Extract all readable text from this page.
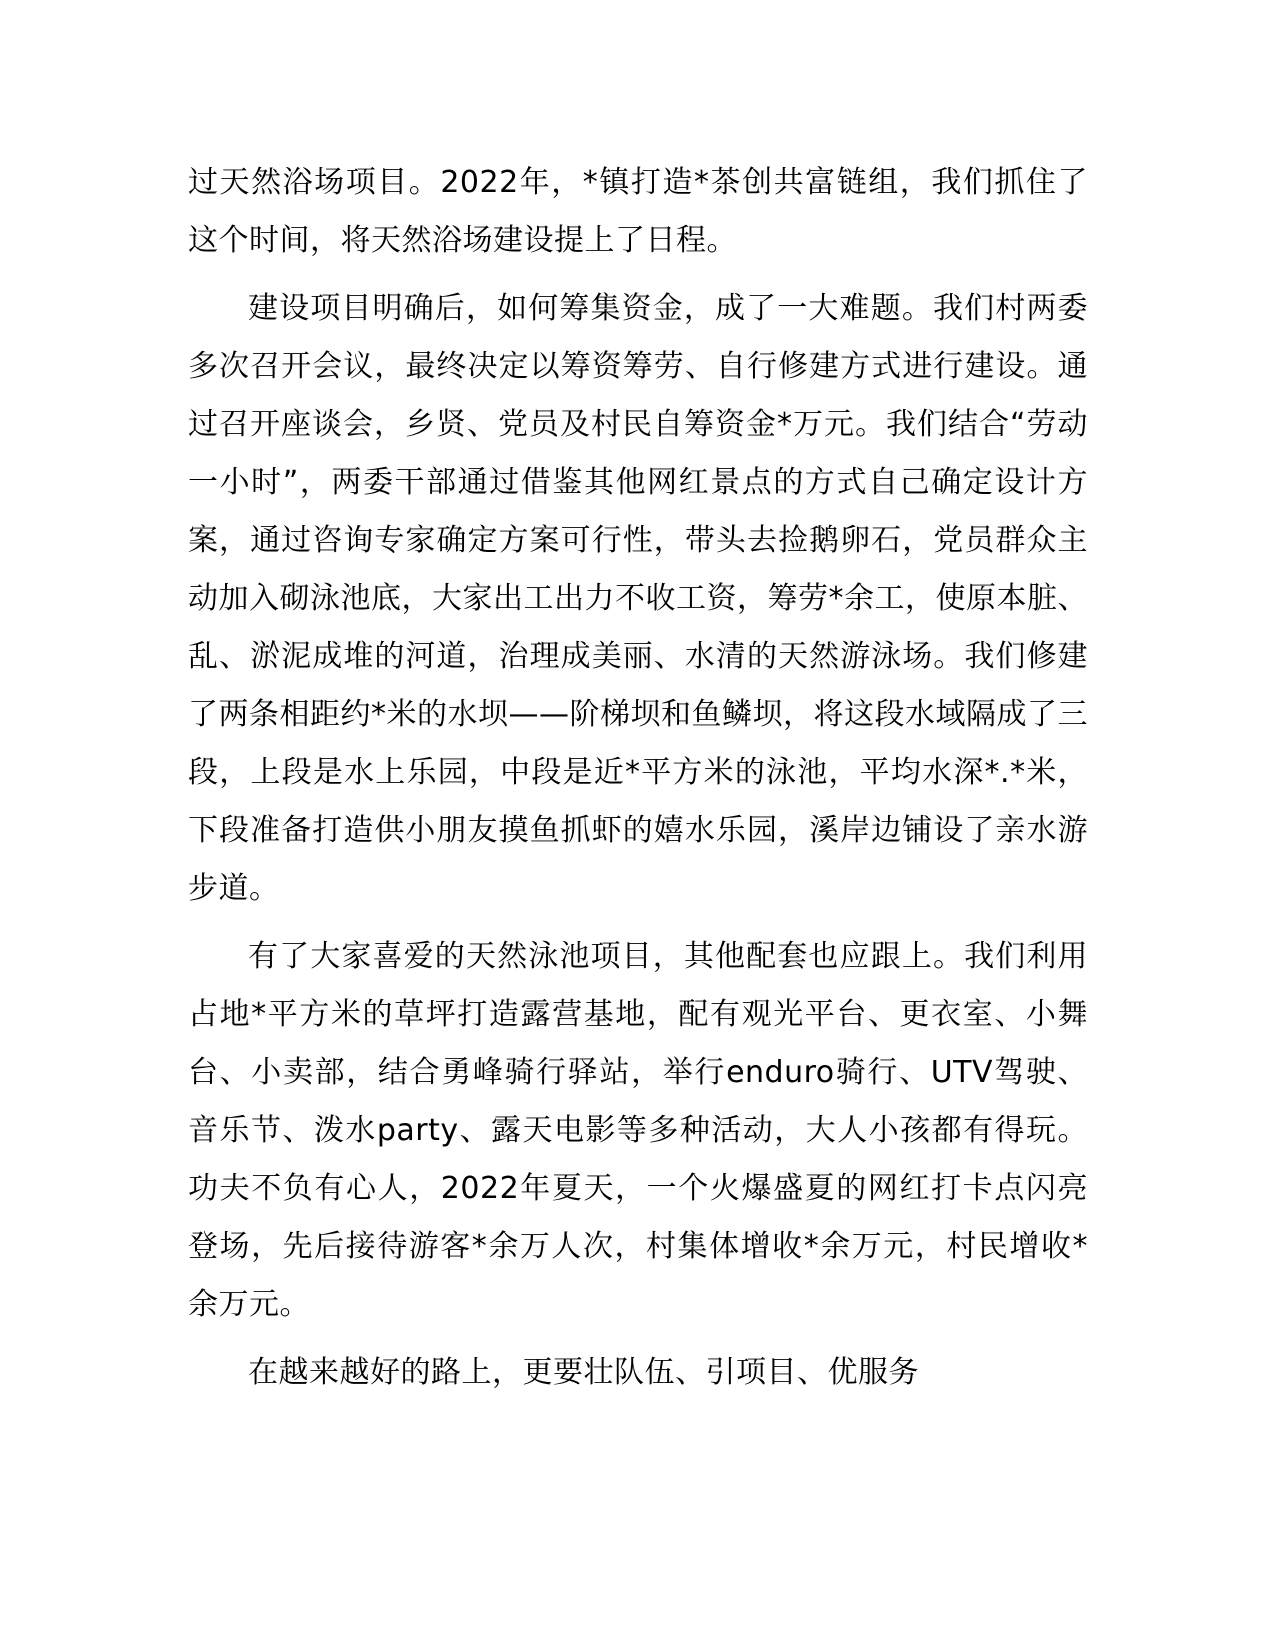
过天然浴场项目。2022年，*镇打造*茶创共富链组，我们抓住了这个时间，将天然浴场建设提上了日程。

建设项目明确后，如何筹集资金，成了一大难题。我们村两委多次召开会议，最终决定以筹资筹劳、自行修建方式进行建设。通过召开座谈会，乡贤、党员及村民自筹资金*万元。我们结合“劳动一小时”，两委干部通过借鉴其他网红景点的方式自己确定设计方案，通过咨询专家确定方案可行性，带头去捡鹅卵石，党员群众主动加入砌泳池底，大家出工出力不收工资，筹劳*余工，使原本脏、乱、淤泥成堆的河道，治理成美丽、水清的天然游泳场。我们修建了两条相距约*米的水坝——阶梯坝和鱼鳞坝，将这段水域隔成了三段，上段是水上乐园，中段是近*平方米的泳池，平均水深*.*米，下段准备打造供小朋友摸鱼抓虾的嬉水乐园，溪岸边铺设了亲水游步道。

有了大家喜爱的天然泳池项目，其他配套也应跟上。我们利用占地*平方米的草坪打造露营基地，配有观光平台、更衣室、小舞台、小卖部，结合勇峰骑行驿站，举行enduro骑行、UTV驾驶、音乐节、泼水party、露天电影等多种活动，大人小孩都有得玩。功夫不负有心人，2022年夏天，一个火爆盛夏的网红打卡点闪亮登场，先后接待游客*余万人次，村集体增收*余万元，村民增收*余万元。

在越来越好的路上，更要壮队伍、引项目、优服务
